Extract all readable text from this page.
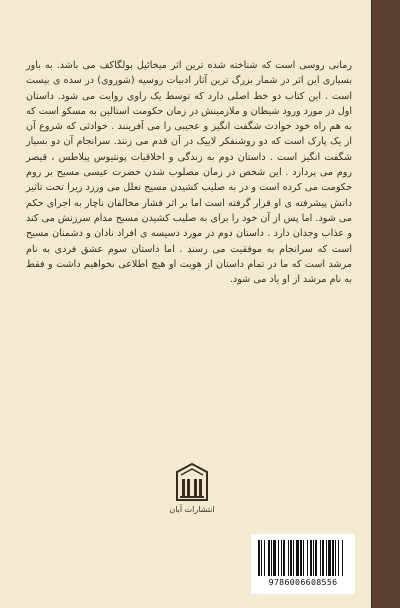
رمانی روسی است که شناخته شده ترین اثر میخائیل بولگاکف می باشد. به باور بسیاری این اثر در شمار بزرگ ترین آثار ادبیات روسیه (شوروی) در سده ی بیست است . این کتاب دو خط اصلی دارد که توسط یک راوی روایت می شود. داستان اول در مورد ورود شیطان و ملازمینش در زمان حکومت استالین به مسکو است که به هم راه خود حوادث شگفت انگیز و عجیبی را می آفرینند . حوادثی که شروع آن از یک پارک است که دو روشنفکر لاییک در آن قدم می زنند. سرانجام آن دو بسیار شگفت انگیز است . داستان دوم به زندگی و اخلاقیات پونتیوس پیلاطس ، قیصر روم می پردازد . این شخص در زمان مصلوب شدن حضرت عیسی مسیح بر روم حکومت می کرده است و در به صلیب کشیدن مسیح تعلل می ورزد زیرا تحت تاثیر دانش پیشرفته ی او قرار گرفته است اما بر اثر فشار مخالفان ناچار به اجرای حکم می شود. اما پس از آن خود را برای به صلیب کشیدن مسیح مدام سرزنش می کند و عذاب وجدان دارد . داستان دوم در مورد دسیسه ی افراد نادان و دشمنان مسیح است که سرانجام به موفقیت می رسند . اما داستان سوم عشق فردی به نام مرشد است که ما در تمام داستان از هویت او هیچ اطلاعی نخواهیم داشت و فقط به نام مرشد از او یاد می شود.

انتشارات آبان
9786006608556
